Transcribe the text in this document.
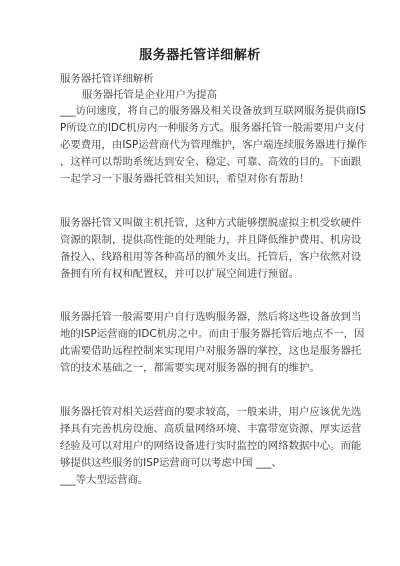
服务器托管详细解析
服务器托管详细解析
服务器托管是企业用户为提高
___访问速度，将自己的服务器及相关设备放到互联网服务提供商IS
P所设立的IDC机房内一种服务方式。服务器托管一般需要用户支付
必要费用，由ISP运营商代为管理维护，客户端连续服务器进行操作
，这样可以帮助系统达到安全、稳定、可靠、高效的目的。下面跟
一起学习一下服务器托管相关知识，希望对你有帮助！
服务器托管又叫做主机托管，这种方式能够摆脱虚拟主机受软硬件
资源的限制，提供高性能的处理能力，并且降低维护费用、机房设
备投入、线路租用等各种高昂的额外支出。托管后，客户依然对设
备拥有所有权和配置权，并可以扩展空间进行预留。
服务器托管一般需要用户自行选购服务器，然后将这些设备放到当
地的ISP运营商的IDC机房之中。而由于服务器托管后地点不一，因
此需要借助远程控制来实现用户对服务器的掌控，这也是服务器托
管的技术基础之一，都需要实现对服务器的拥有的维护。
服务器托管对相关运营商的要求较高，一般来讲，用户应该优先选
择具有完善机房设施、高质量网络环境、丰富带宽资源、厚实运营
经验及可以对用户的网络设备进行实时监控的网络数据中心。而能
够提供这些服务的ISP运营商可以考虑中国 ___、
___等大型运营商。
